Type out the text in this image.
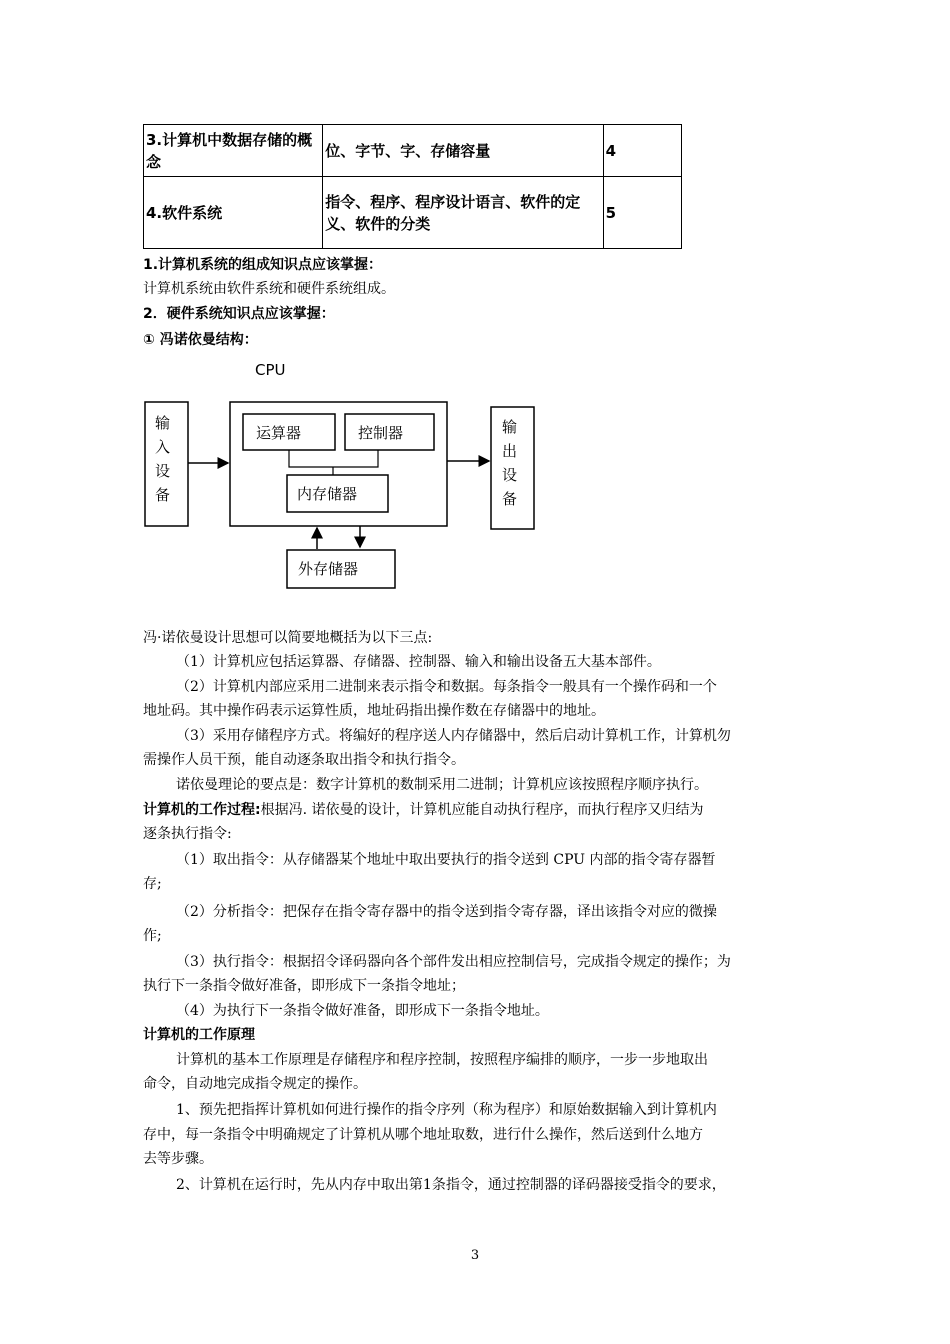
3.计算机中数据存储的概念	位、字节、字、存储容量	4
4.软件系统	指令、程序、程序设计语言、软件的定义、软件的分类	5
1.计算机系统的组成知识点应该掌握：
计算机系统由软件系统和硬件系统组成。
2．硬件系统知识点应该掌握：
① 冯诺依曼结构：
CPU
输
入
设
备
运算器	控制器
内存储器
输
出
设
备
外存储器
冯·诺依曼设计思想可以简要地概括为以下三点:
（1）计算机应包括运算器、存储器、控制器、输入和输出设备五大基本部件。
（2）计算机内部应采用二进制来表示指令和数据。每条指令一般具有一个操作码和一个
地址码。其中操作码表示运算性质，地址码指出操作数在存储器中的地址。
（3）采用存储程序方式。将编好的程序送人内存储器中，然后启动计算机工作，计算机勿
需操作人员干预，能自动逐条取出指令和执行指令。
诺依曼理论的要点是：数字计算机的数制采用二进制；计算机应该按照程序顺序执行。
计算机的工作过程:根据冯. 诺依曼的设计，计算机应能自动执行程序，而执行程序又归结为
逐条执行指令:
（1）取出指令：从存储器某个地址中取出要执行的指令送到 CPU 内部的指令寄存器暂
存;
（2）分析指令：把保存在指令寄存器中的指令送到指令寄存器，译出该指令对应的微操
作;
（3）执行指令：根据招令译码器向各个部件发出相应控制信号，完成指令规定的操作；为
执行下一条指令做好准备，即形成下一条指令地址；
（4）为执行下一条指令做好准备，即形成下一条指令地址。
计算机的工作原理
计算机的基本工作原理是存储程序和程序控制，按照程序编排的顺序，一步一步地取出
命令，自动地完成指令规定的操作。
1、预先把指挥计算机如何进行操作的指令序列（称为程序）和原始数据输入到计算机内
存中，每一条指令中明确规定了计算机从哪个地址取数，进行什么操作，然后送到什么地方
去等步骤。
2、计算机在运行时，先从内存中取出第1条指令，通过控制器的译码器接受指令的要求，
3
